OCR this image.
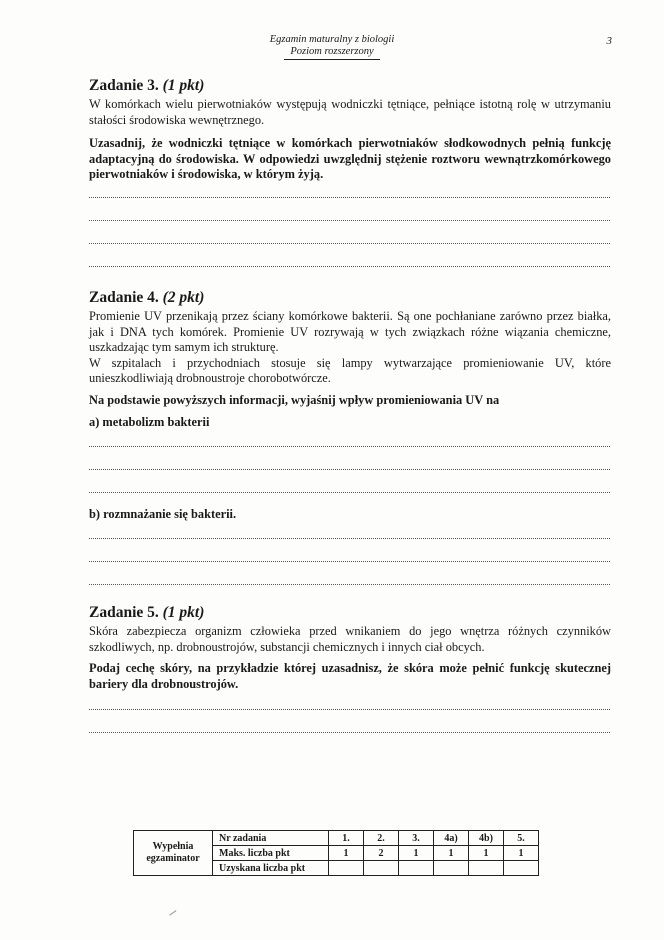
Egzamin maturalny z biologii
Poziom rozszerzony
3
Zadanie 3. (1 pkt)

W komórkach wielu pierwotniaków występują wodniczki tętniące, pełniące istotną rolę w utrzymaniu stałości środowiska wewnętrznego.

Uzasadnij, że wodniczki tętniące w komórkach pierwotniaków słodkowodnych pełnią funkcję adaptacyjną do środowiska. W odpowiedzi uwzględnij stężenie roztworu wewnątrzkomórkowego pierwotniaków i środowiska, w którym żyją.

Zadanie 4. (2 pkt)

Promienie UV przenikają przez ściany komórkowe bakterii. Są one pochłaniane zarówno przez białka, jak i DNA tych komórek. Promienie UV rozrywają w tych związkach różne wiązania chemiczne, uszkadzając tym samym ich strukturę.

W szpitalach i przychodniach stosuje się lampy wytwarzające promieniowanie UV, które unieszkodliwiają drobnoustroje chorobotwórcze.

Na podstawie powyższych informacji, wyjaśnij wpływ promieniowania UV na

a) metabolizm bakterii

b) rozmnażanie się bakterii.

Zadanie 5. (1 pkt)

Skóra zabezpiecza organizm człowieka przed wnikaniem do jego wnętrza różnych czynników szkodliwych, np. drobnoustrojów, substancji chemicznych i innych ciał obcych.

Podaj cechę skóry, na przykładzie której uzasadnisz, że skóra może pełnić funkcję skutecznej bariery dla drobnoustrojów.

Wypełnia egzaminator	Nr zadania	1.	2.	3.	4a)	4b)	5.
	Maks. liczba pkt	1	2	1	1	1	1
	Uzyskana liczba pkt						
